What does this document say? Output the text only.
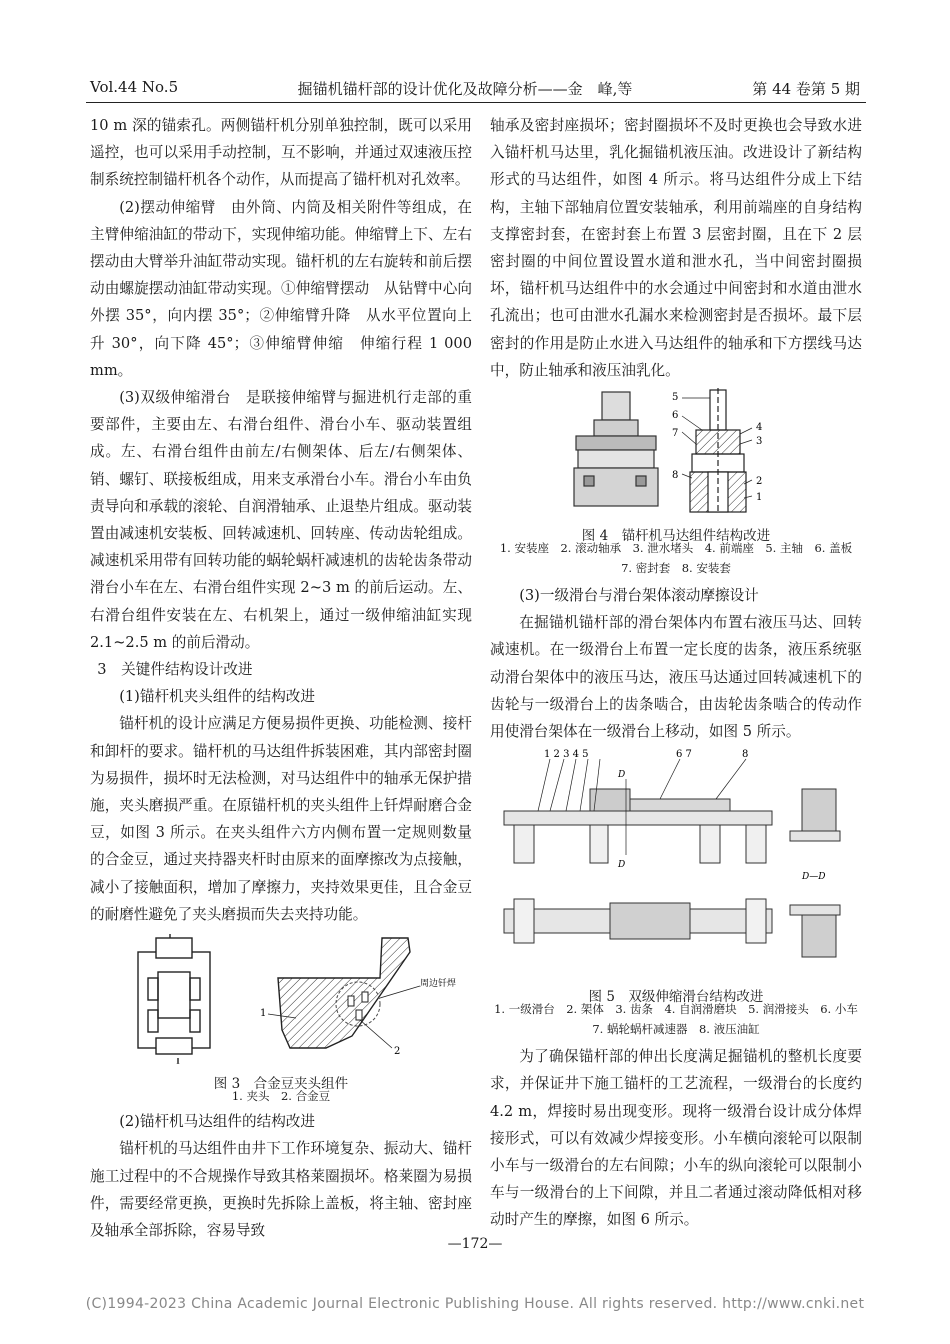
Vol.44 No.5	掘锚机锚杆部的设计优化及故障分析——金　峰,等	第 44 卷第 5 期

10 m 深的锚索孔。两侧锚杆机分别单独控制，既可以采用遥控，也可以采用手动控制，互不影响，并通过双速液压控制系统控制锚杆机各个动作，从而提高了锚杆机对孔效率。

(2)摆动伸缩臂　由外筒、内筒及相关附件等组成，在主臂伸缩油缸的带动下，实现伸缩功能。伸缩臂上下、左右摆动由大臂举升油缸带动实现。锚杆机的左右旋转和前后摆动由螺旋摆动油缸带动实现。①伸缩臂摆动　从钻臂中心向外摆 35°，向内摆 35°；②伸缩臂升降　从水平位置向上升 30°，向下降 45°；③伸缩臂伸缩　伸缩行程 1 000 mm。

(3)双级伸缩滑台　是联接伸缩臂与掘进机行走部的重要部件，主要由左、右滑台组件、滑台小车、驱动装置组成。左、右滑台组件由前左/右侧架体、后左/右侧架体、销、螺钉、联接板组成，用来支承滑台小车。滑台小车由负责导向和承载的滚轮、自润滑轴承、止退垫片组成。驱动装置由减速机安装板、回转减速机、回转座、传动齿轮组成。减速机采用带有回转功能的蜗轮蜗杆减速机的齿轮齿条带动滑台小车在左、右滑台组件实现 2~3 m 的前后运动。左、右滑台组件安装在左、右机架上，通过一级伸缩油缸实现 2.1~2.5 m 的前后滑动。

3　关键件结构设计改进

(1)锚杆机夹头组件的结构改进

锚杆机的设计应满足方便易损件更换、功能检测、接杆和卸杆的要求。锚杆机的马达组件拆装困难，其内部密封圈为易损件，损坏时无法检测，对马达组件中的轴承无保护措施，夹头磨损严重。在原锚杆机的夹头组件上钎焊耐磨合金豆，如图 3 所示。在夹头组件六方内侧布置一定规则数量的合金豆，通过夹持器夹杆时由原来的面摩擦改为点接触，减小了接触面积，增加了摩擦力，夹持效果更佳，且合金豆的耐磨性避免了夹头磨损而失去夹持功能。

周边钎焊
1
2
图 3　合金豆夹头组件
1. 夹头　2. 合金豆

(2)锚杆机马达组件的结构改进

锚杆机的马达组件由井下工作环境复杂、振动大、锚杆施工过程中的不合规操作导致其格莱圈损坏。格莱圈为易损件，需要经常更换，更换时先拆除上盖板，将主轴、密封座及轴承全部拆除，容易导致

轴承及密封座损坏；密封圈损坏不及时更换也会导致水进入锚杆机马达里，乳化掘锚机液压油。改进设计了新结构形式的马达组件，如图 4 所示。将马达组件分成上下结构，主轴下部轴肩位置安装轴承，利用前端座的自身结构支撑密封套，在密封套上布置 3 层密封圈，且在下 2 层密封圈的中间位置设置水道和泄水孔，当中间密封圈损坏，锚杆机马达组件中的水会通过中间密封和水道由泄水孔流出；也可由泄水孔漏水来检测密封是否损坏。最下层密封的作用是防止水进入马达组件的轴承和下方摆线马达中，防止轴承和液压油乳化。

5
6
7
8
4
3
2
1
图 4　锚杆机马达组件结构改进
1. 安装座　2. 滚动轴承　3. 泄水堵头　4. 前端座　5. 主轴　6. 盖板
7. 密封套　8. 安装套

(3)一级滑台与滑台架体滚动摩擦设计

在掘锚机锚杆部的滑台架体内布置右液压马达、回转减速机。在一级滑台上布置一定长度的齿条，液压系统驱动滑台架体中的液压马达，液压马达通过回转减速机下的齿轮与一级滑台上的齿条啮合，由齿轮齿条啮合的传动作用使滑台架体在一级滑台上移动，如图 5 所示。

1 2 3 4 5	6 7	8
D
D
D—D
图 5　双级伸缩滑台结构改进
1. 一级滑台　2. 架体　3. 齿条　4. 自润滑磨块　5. 润滑接头　6. 小车
7. 蜗轮蜗杆减速器　8. 液压油缸

为了确保锚杆部的伸出长度满足掘锚机的整机长度要求，并保证井下施工锚杆的工艺流程，一级滑台的长度约 4.2 m，焊接时易出现变形。现将一级滑台设计成分体焊接形式，可以有效减少焊接变形。小车横向滚轮可以限制小车与一级滑台的左右间隙；小车的纵向滚轮可以限制小车与一级滑台的上下间隙，并且二者通过滚动降低相对移动时产生的摩擦，如图 6 所示。

—172—
(C)1994-2023 China Academic Journal Electronic Publishing House. All rights reserved. http://www.cnki.net
